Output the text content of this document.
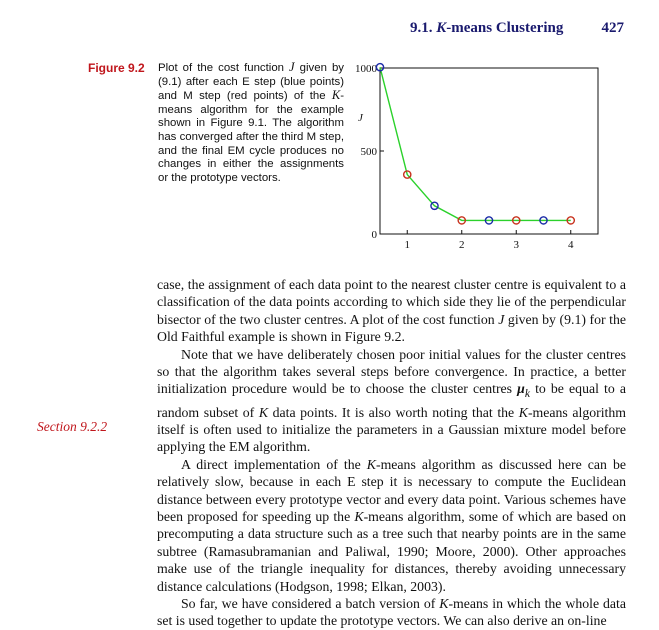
9.1. K-means Clustering	427
Figure 9.2 Plot of the cost function J given by (9.1) after each E step (blue points) and M step (red points) of the K-means algorithm for the example shown in Figure 9.1. The algorithm has converged after the third M step, and the final EM cycle produces no changes in either the assignments or the prototype vectors.
0
500
1000
1	2	3	4
J

case, the assignment of each data point to the nearest cluster centre is equivalent to a classification of the data points according to which side they lie of the perpendicular bisector of the two cluster centres. A plot of the cost function J given by (9.1) for the Old Faithful example is shown in Figure 9.2.

Note that we have deliberately chosen poor initial values for the cluster centres so that the algorithm takes several steps before convergence. In practice, a better initialization procedure would be to choose the cluster centres $\mu_k$ to be equal to a random subset of K data points. It is also worth noting that the K-means algorithm itself is often used to initialize the parameters in a Gaussian mixture model before applying the EM algorithm.

A direct implementation of the K-means algorithm as discussed here can be relatively slow, because in each E step it is necessary to compute the Euclidean distance between every prototype vector and every data point. Various schemes have been proposed for speeding up the K-means algorithm, some of which are based on precomputing a data structure such as a tree such that nearby points are in the same subtree (Ramasubramanian and Paliwal, 1990; Moore, 2000). Other approaches make use of the triangle inequality for distances, thereby avoiding unnecessary distance calculations (Hodgson, 1998; Elkan, 2003).

So far, we have considered a batch version of K-means in which the whole data set is used together to update the prototype vectors. We can also derive an on-line

Section 9.2.2
